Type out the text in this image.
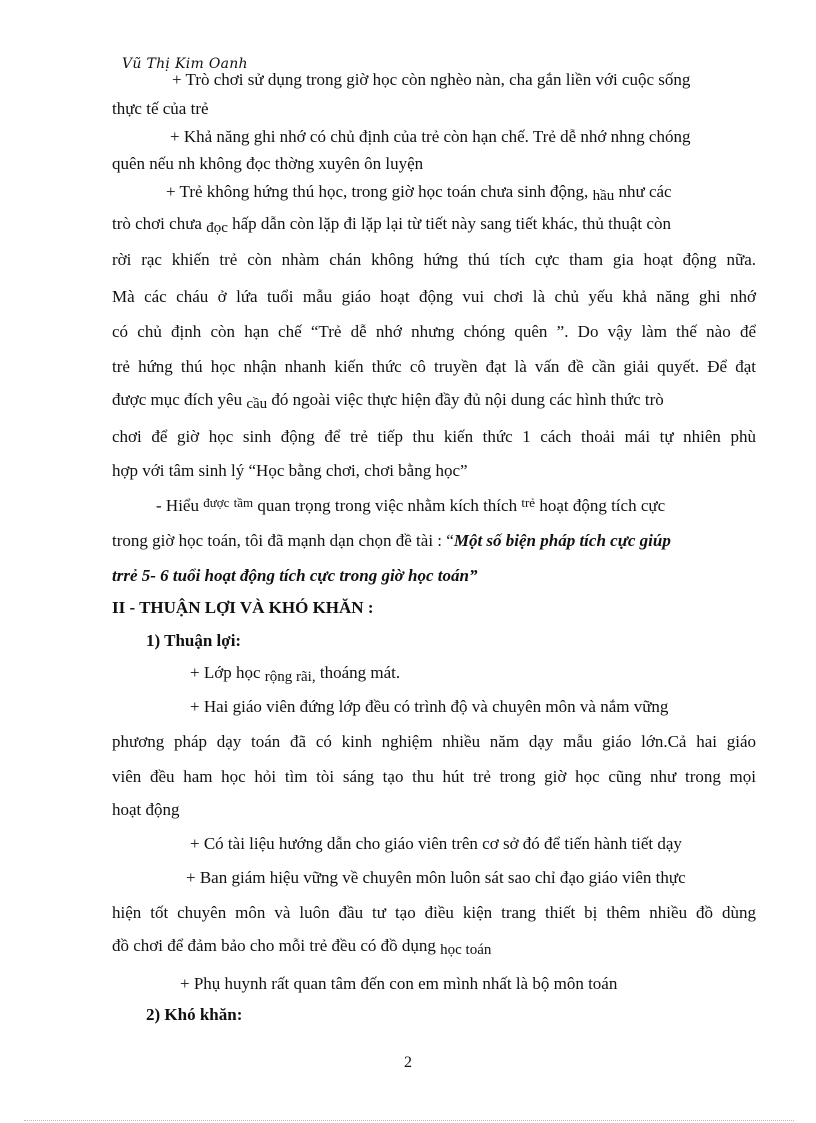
Vũ Thị Kim Oanh
+ Trò chơi sử dụng trong giờ học còn nghèo nàn, cha gắn liền với cuộc sống
thực tế của trẻ
+ Khả năng ghi nhớ có chủ định của trẻ còn hạn chế. Trẻ dễ nhớ nhng chóng
quên nếu nh không đọc thờng xuyên ôn luyện
+ Trẻ không hứng thú học, trong giờ học toán chưa sinh động, hầu như các
trò chơi chưa đọc hấp dẫn còn lặp đi lặp lại từ tiết này sang tiết khác, thủ thuật còn
rời rạc khiến trẻ còn nhàm chán không hứng thú tích cực tham gia hoạt động nữa.
Mà các cháu ở lứa tuổi mẫu giáo hoạt động vui chơi là chủ yếu khả năng ghi nhớ
có chủ định còn hạn chế “Trẻ dễ nhớ nhưng chóng quên ”. Do vậy làm thế nào để
trẻ hứng thú học nhận nhanh kiến thức cô truyền đạt là vấn đề cần giải quyết. Để đạt
được mục đích yêu cầu đó ngoài việc thực hiện đầy đủ nội dung các hình thức trò
chơi để giờ học sinh động để trẻ tiếp thu kiến thức 1 cách thoải mái tự nhiên phù
hợp với tâm sinh lý “Học bằng chơi, chơi bằng học”
- Hiểu $^{được}$ $^{tầm}$ quan trọng trong việc nhằm kích thích $^{trẻ}$ hoạt động tích cực
trong giờ học toán, tôi đã mạnh dạn chọn đề tài : “Một số biện pháp tích cực giúp
trrẻ 5- 6 tuổi hoạt động tích cực trong giờ học toán”
II - THUẬN LỢI VÀ KHÓ KHĂN :
1) Thuận lợi:
+ Lớp học rộng rãi, thoáng mát.
+ Hai giáo viên đứng lớp đều có trình độ và chuyên môn và nắm vững
phương pháp dạy toán đã có kinh nghiệm nhiều năm dạy mẫu giáo lớn.Cả hai giáo
viên đều ham học hỏi tìm tòi sáng tạo thu hút trẻ trong giờ học cũng như trong mọi
hoạt động
+ Có tài liệu hướng dẫn cho giáo viên trên cơ sở đó để tiến hành tiết dạy
+ Ban giám hiệu vững về chuyên môn luôn sát sao chỉ đạo giáo viên thực
hiện tốt chuyên môn và luôn đầu tư tạo điều kiện trang thiết bị thêm nhiều đồ dùng
đồ chơi để đảm bảo cho mỗi trẻ đều có đồ dụng học toán
+ Phụ huynh rất quan tâm đến con em mình nhất là bộ môn toán
2) Khó khăn:
2
